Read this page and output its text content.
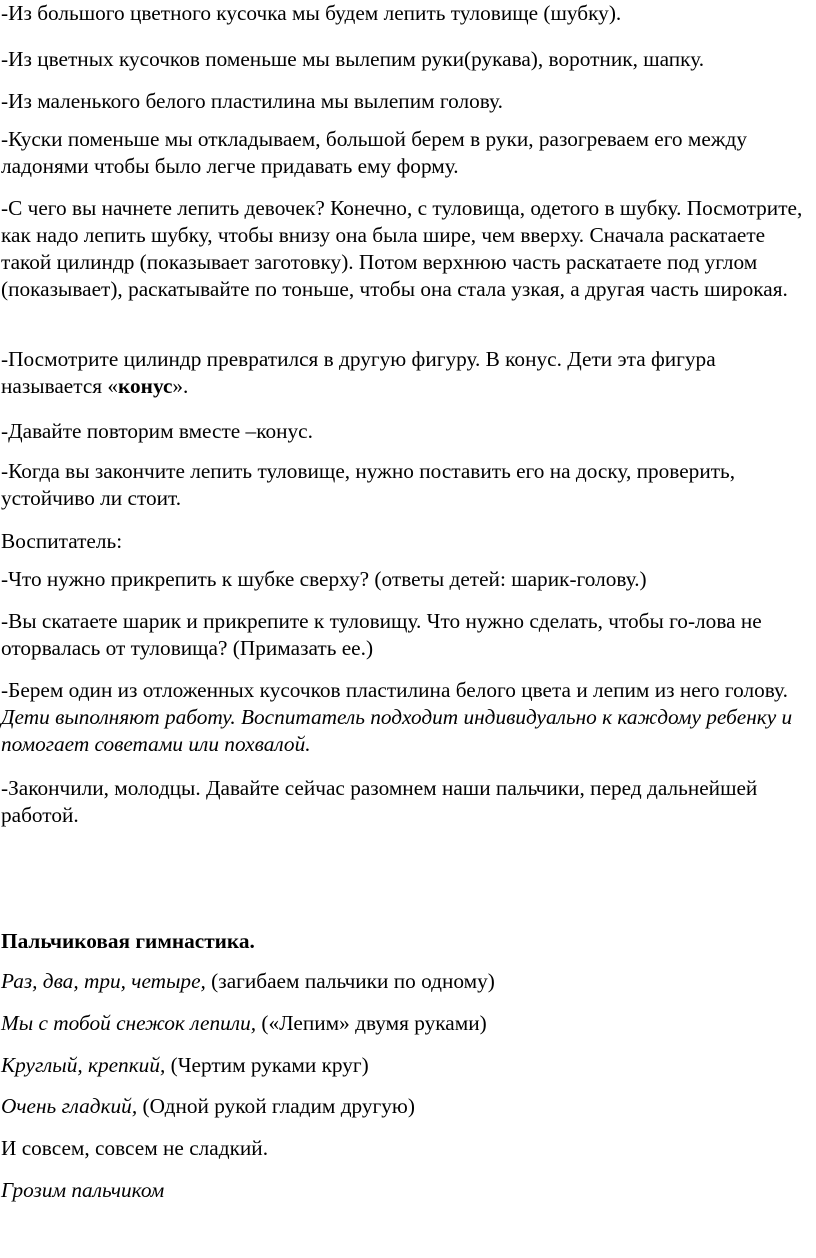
-Из большого цветного кусочка мы будем лепить туловище (шубку).

-Из цветных кусочков поменьше мы вылепим руки(рукава), воротник, шапку.

-Из маленького белого пластилина мы вылепим голову.

-Куски поменьше мы откладываем, большой берем в руки, разогреваем его между ладонями чтобы было легче придавать ему форму.

-С чего вы начнете лепить девочек? Конечно, с туловища, одетого в шубку. Посмотрите, как надо лепить шубку, чтобы внизу она была шире, чем вверху. Сначала раскатаете такой цилиндр (показывает заготовку). Потом верхнюю часть раскатаете под углом (показывает), раскатывайте по тоньше, чтобы она стала узкая, а другая часть широкая.

-Посмотрите цилиндр превратился в другую фигуру. В конус. Дети эта фигура называется «конус».

-Давайте повторим вместе –конус.

-Когда вы закончите лепить туловище, нужно поставить его на доску, проверить, устойчиво ли стоит.

Воспитатель:

-Что нужно прикрепить к шубке сверху? (ответы детей: шарик-голову.)

-Вы скатаете шарик и прикрепите к туловищу. Что нужно сделать, чтобы го-лова не оторвалась от туловища? (Примазать ее.)

-Берем один из отложенных кусочков пластилина белого цвета и лепим из него голову. Дети выполняют работу. Воспитатель подходит индивидуально к каждому ребенку и помогает советами или похвалой.

-Закончили, молодцы. Давайте сейчас разомнем наши пальчики, перед дальнейшей работой.

Пальчиковая гимнастика.

Раз, два, три, четыре, (загибаем пальчики по одному)

Мы с тобой снежок лепили, («Лепим» двумя руками)

Круглый, крепкий, (Чертим руками круг)

Очень гладкий, (Одной рукой гладим другую)

И совсем, совсем не сладкий.

Грозим пальчиком
